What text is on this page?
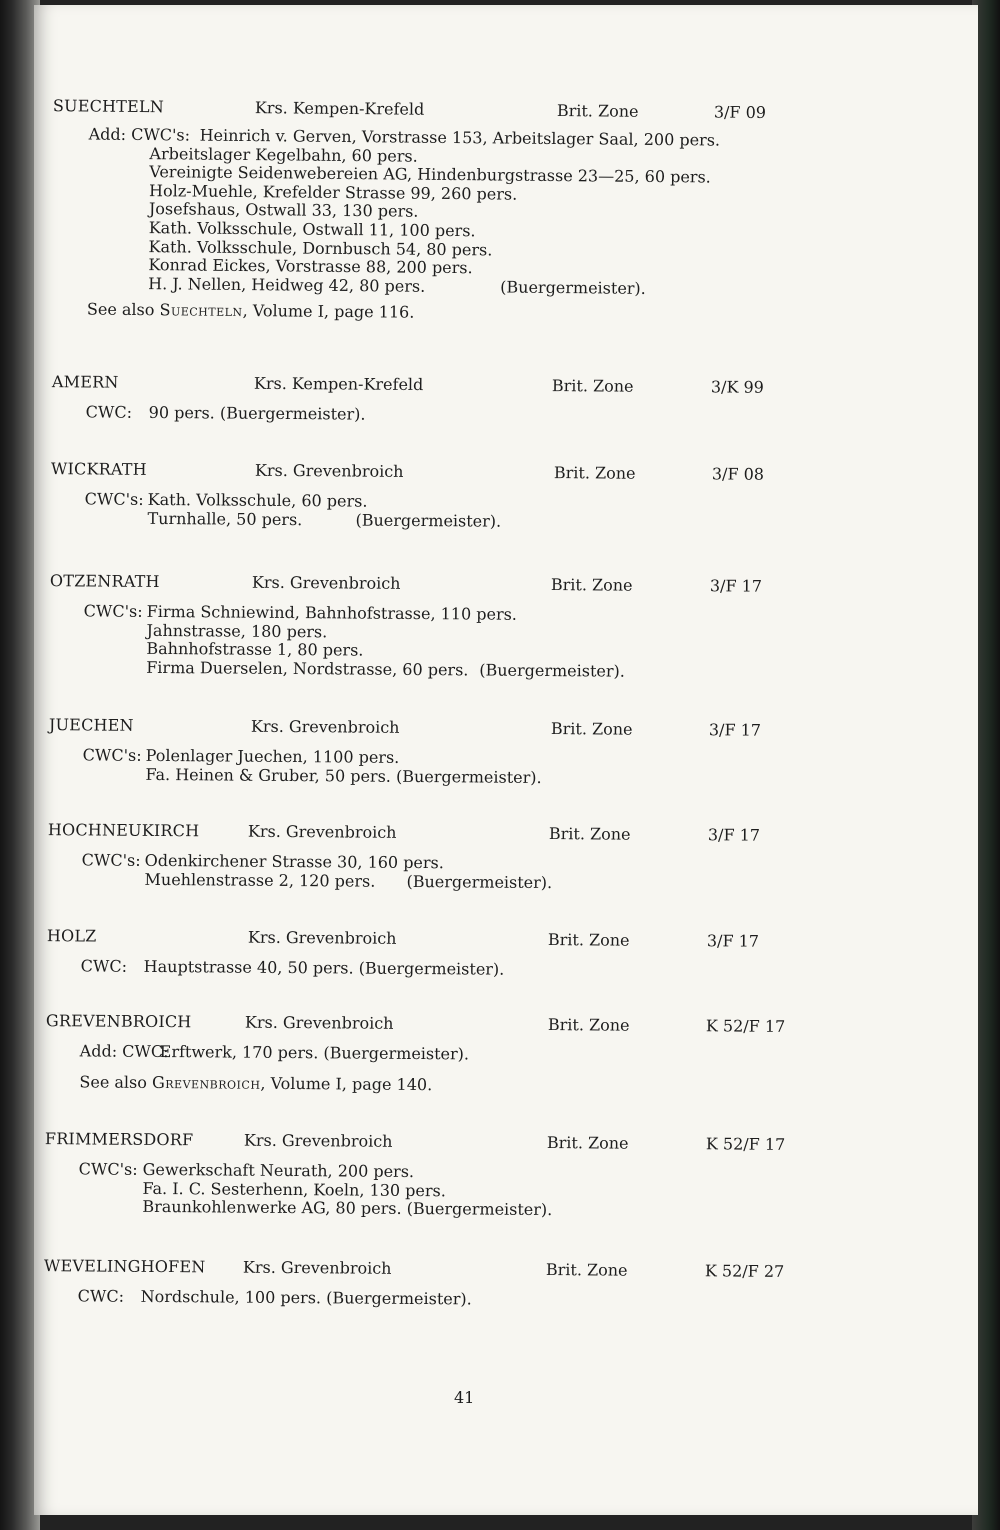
SUECHTELN	Krs. Kempen-Krefeld	Brit. Zone	3/F 09
Add: CWC's: Heinrich v. Gerven, Vorstrasse 153, Arbeitslager Saal, 200 pers.
Arbeitslager Kegelbahn, 60 pers.
Vereinigte Seidenwebereien AG, Hindenburgstrasse 23—25, 60 pers.
Holz-Muehle, Krefelder Strasse 99, 260 pers.
Josefshaus, Ostwall 33, 130 pers.
Kath. Volksschule, Ostwall 11, 100 pers.
Kath. Volksschule, Dornbusch 54, 80 pers.
Konrad Eickes, Vorstrasse 88, 200 pers.
H. J. Nellen, Heidweg 42, 80 pers.	(Buergermeister).
See also Suechteln, Volume I, page 116.
AMERN	Krs. Kempen-Krefeld	Brit. Zone	3/K 99
CWC: 90 pers. (Buergermeister).
WICKRATH	Krs. Grevenbroich	Brit. Zone	3/F 08
CWC's: Kath. Volksschule, 60 pers.
Turnhalle, 50 pers.	(Buergermeister).
OTZENRATH	Krs. Grevenbroich	Brit. Zone	3/F 17
CWC's: Firma Schniewind, Bahnhofstrasse, 110 pers.
Jahnstrasse, 180 pers.
Bahnhofstrasse 1, 80 pers.
Firma Duerselen, Nordstrasse, 60 pers. (Buergermeister).
JUECHEN	Krs. Grevenbroich	Brit. Zone	3/F 17
CWC's: Polenlager Juechen, 1100 pers.
Fa. Heinen & Gruber, 50 pers. (Buergermeister).
HOCHNEUKIRCH	Krs. Grevenbroich	Brit. Zone	3/F 17
CWC's: Odenkirchener Strasse 30, 160 pers.
Muehlenstrasse 2, 120 pers. (Buergermeister).
HOLZ	Krs. Grevenbroich	Brit. Zone	3/F 17
CWC: Hauptstrasse 40, 50 pers. (Buergermeister).
GREVENBROICH	Krs. Grevenbroich	Brit. Zone	K 52/F 17
Add: CWC:
Erftwerk, 170 pers. (Buergermeister).
See also Grevenbroich, Volume I, page 140.
FRIMMERSDORF	Krs. Grevenbroich	Brit. Zone	K 52/F 17
CWC's: Gewerkschaft Neurath, 200 pers.
Fa. I. C. Sesterhenn, Koeln, 130 pers.
Braunkohlenwerke AG, 80 pers. (Buergermeister).
WEVELINGHOFEN Krs. Grevenbroich	Brit. Zone	K 52/F 27
CWC: Nordschule, 100 pers. (Buergermeister).
41
